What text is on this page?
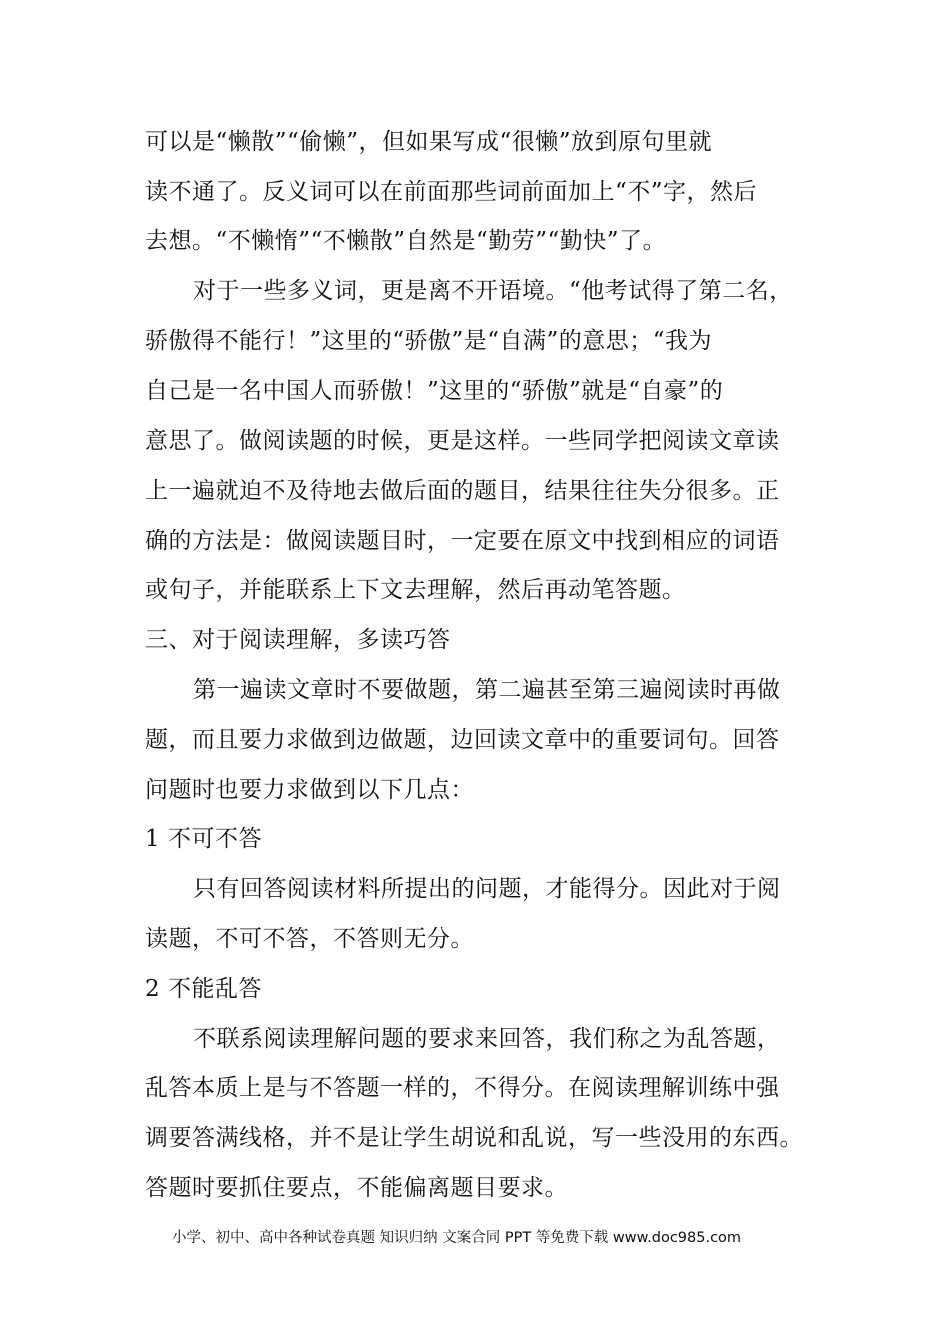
可以是“懒散”“偷懒”，但如果写成“很懒”放到原句里就
读不通了。反义词可以在前面那些词前面加上“不”字，然后
去想。“不懒惰”“不懒散”自然是“勤劳”“勤快”了。
对于一些多义词，更是离不开语境。“他考试得了第二名，
骄傲得不能行！”这里的“骄傲”是“自满”的意思；“我为
自己是一名中国人而骄傲！”这里的“骄傲”就是“自豪”的
意思了。做阅读题的时候，更是这样。一些同学把阅读文章读
上一遍就迫不及待地去做后面的题目，结果往往失分很多。正
确的方法是：做阅读题目时，一定要在原文中找到相应的词语
或句子，并能联系上下文去理解，然后再动笔答题。
三、对于阅读理解，多读巧答
第一遍读文章时不要做题，第二遍甚至第三遍阅读时再做
题，而且要力求做到边做题，边回读文章中的重要词句。回答
问题时也要力求做到以下几点：
1 不可不答
只有回答阅读材料所提出的问题，才能得分。因此对于阅
读题，不可不答，不答则无分。
2 不能乱答
不联系阅读理解问题的要求来回答，我们称之为乱答题，
乱答本质上是与不答题一样的，不得分。在阅读理解训练中强
调要答满线格，并不是让学生胡说和乱说，写一些没用的东西。
答题时要抓住要点，不能偏离题目要求。
小学、初中、高中各种试卷真题 知识归纳 文案合同 PPT 等免费下载 www.doc985.com
